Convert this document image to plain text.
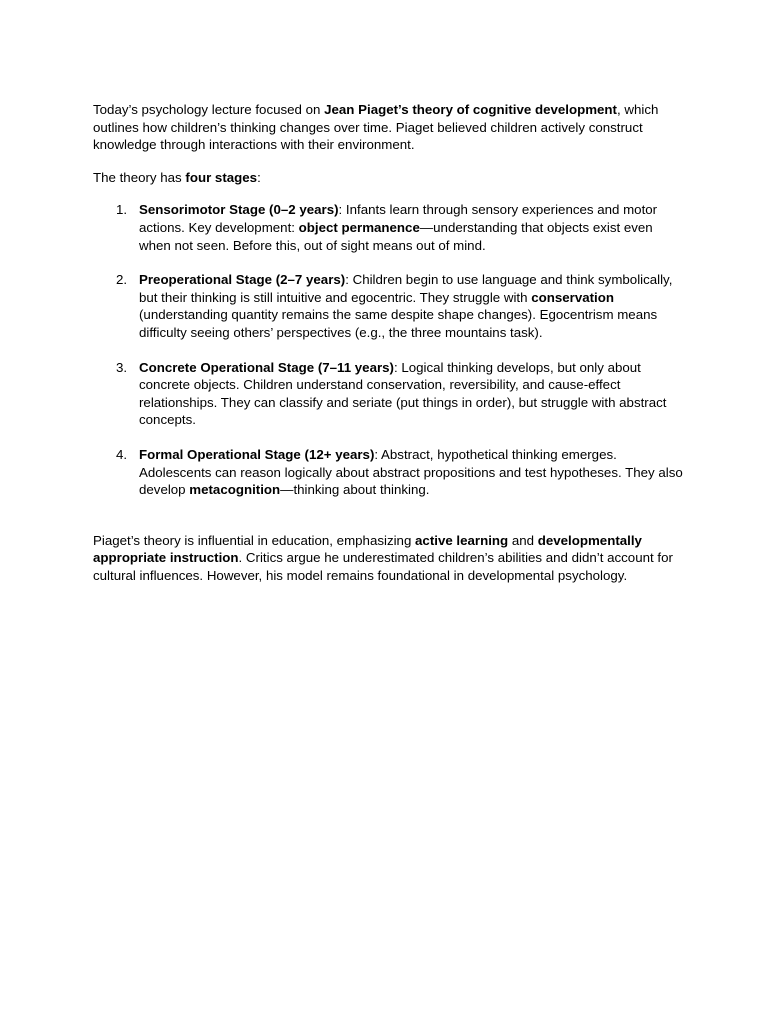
Today’s psychology lecture focused on Jean Piaget’s theory of cognitive development, which outlines how children’s thinking changes over time. Piaget believed children actively construct knowledge through interactions with their environment.

The theory has four stages:

1. Sensorimotor Stage (0–2 years): Infants learn through sensory experiences and motor actions. Key development: object permanence—understanding that objects exist even when not seen. Before this, out of sight means out of mind.
2. Preoperational Stage (2–7 years): Children begin to use language and think symbolically, but their thinking is still intuitive and egocentric. They struggle with conservation (understanding quantity remains the same despite shape changes). Egocentrism means difficulty seeing others’ perspectives (e.g., the three mountains task).
3. Concrete Operational Stage (7–11 years): Logical thinking develops, but only about concrete objects. Children understand conservation, reversibility, and cause-effect relationships. They can classify and seriate (put things in order), but struggle with abstract concepts.
4. Formal Operational Stage (12+ years): Abstract, hypothetical thinking emerges. Adolescents can reason logically about abstract propositions and test hypotheses. They also develop metacognition—thinking about thinking.

Piaget’s theory is influential in education, emphasizing active learning and developmentally appropriate instruction. Critics argue he underestimated children’s abilities and didn’t account for cultural influences. However, his model remains foundational in developmental psychology.
